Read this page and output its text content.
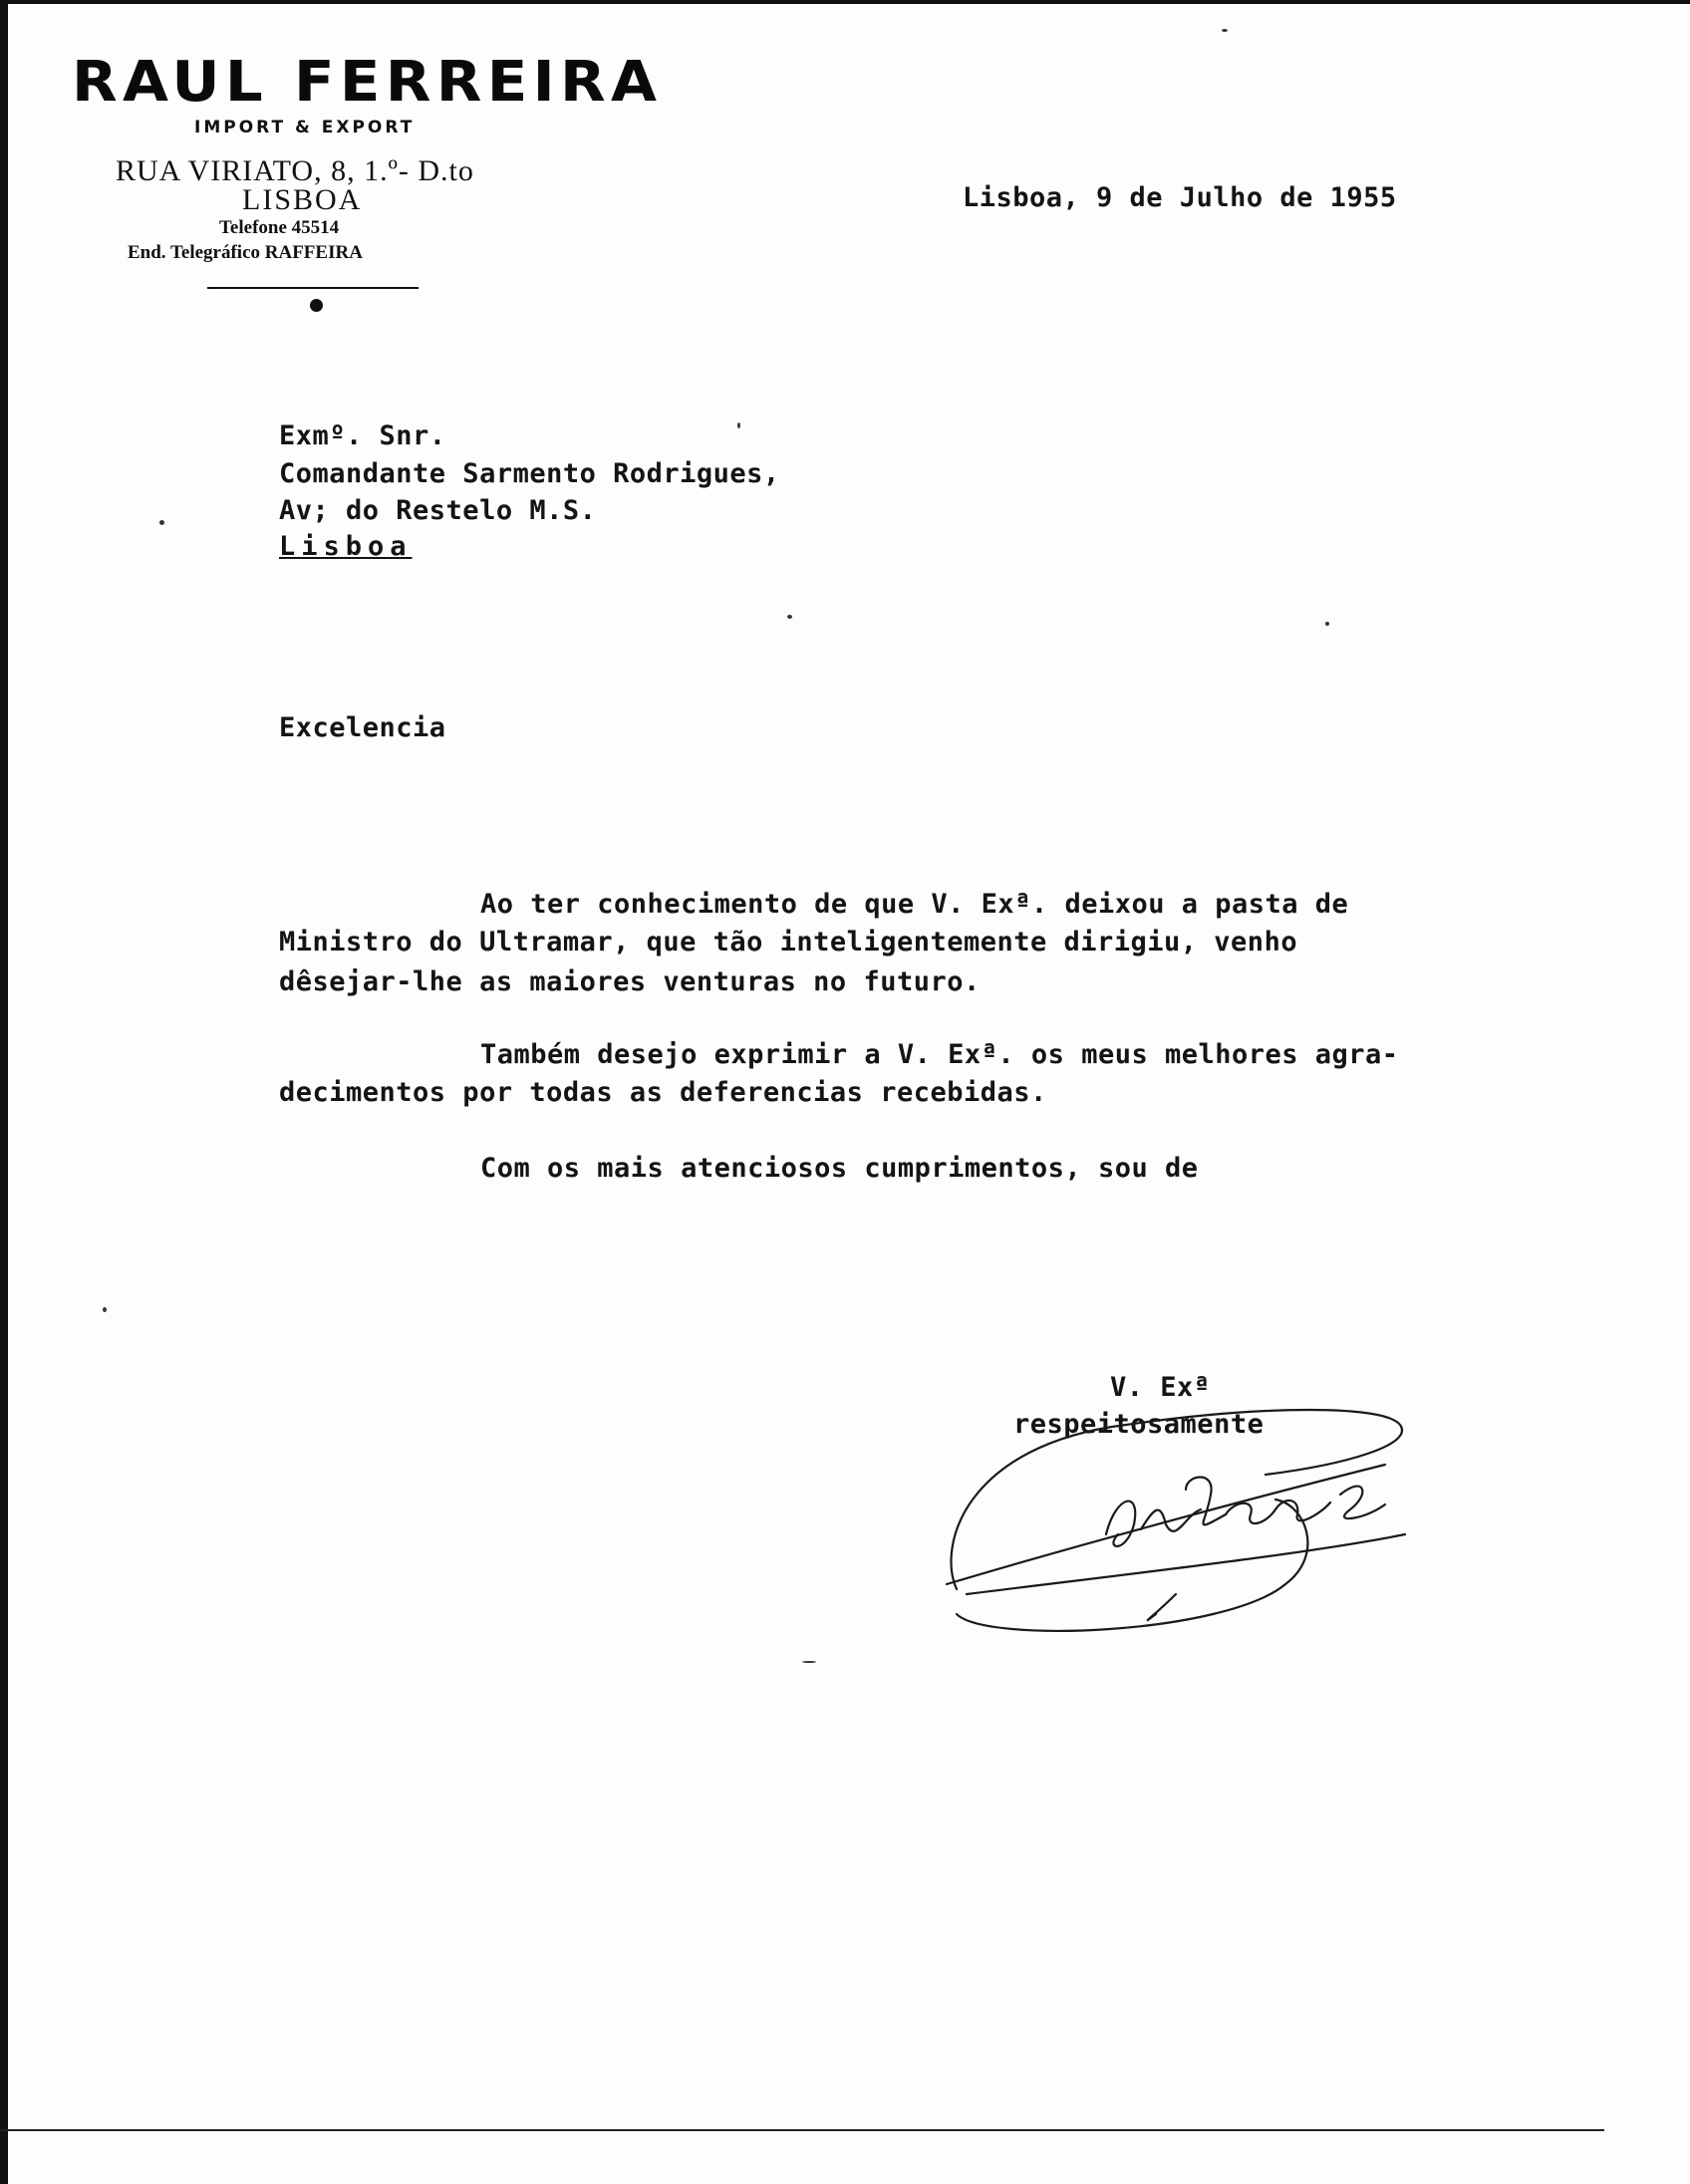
RAUL FERREIRA
IMPORT & EXPORT
RUA VIRIATO, 8, 1.º- D.to
LISBOA
Telefone 45514
End. Telegráfico RAFFEIRA
Lisboa, 9 de Julho de 1955
Exmº. Snr.
Comandante Sarmento Rodrigues,
Av; do Restelo M.S.
Lisboa
Excelencia
Ao ter conhecimento de que V. Exª. deixou a pasta de
Ministro do Ultramar, que tão inteligentemente dirigiu, venho
dêsejar-lhe as maiores venturas no futuro.
Também desejo exprimir a V. Exª. os meus melhores agra-
decimentos por todas as deferencias recebidas.
Com os mais atenciosos cumprimentos, sou de
V. Exª
respeitosamente
